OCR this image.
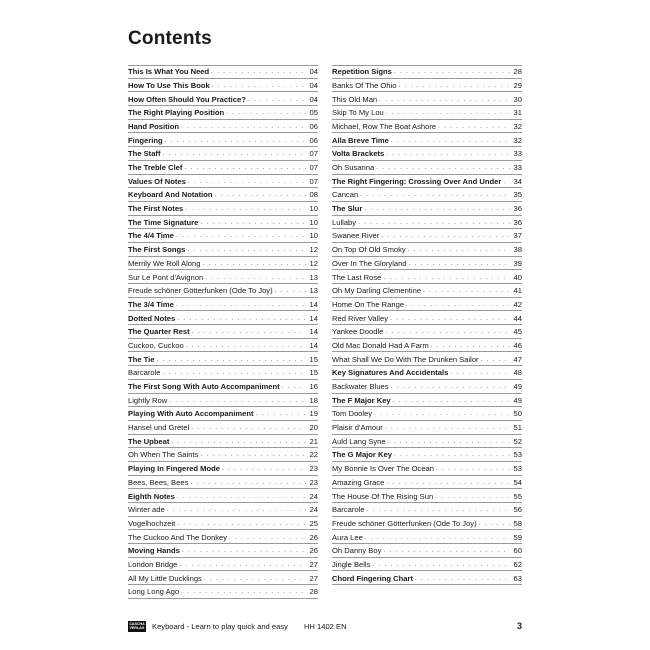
Contents
This Is What You Need . . .	04
How To Use This Book . . .	04
How Often Should You Practice? . . .	04
The Right Playing Position . . .	05
Hand Position . . .	06
Fingering . . .	06
The Staff . . .	07
The Treble Clef . . .	07
Values Of Notes . . .	07
Keyboard And Notation . . .	08
The First Notes . . .	10
The Time Signature . . .	10
The 4/4 Time . . .	10
The First Songs . . .	12
Merrily We Roll Along . . .	12
Sur Le Pont d'Avignon . . .	13
Freude schöner Götterfunken (Ode To Joy) . . .	13
The 3/4 Time . . .	14
Dotted Notes . . .	14
The Quarter Rest . . .	14
Cuckoo, Cuckoo . . .	14
The Tie . . .	15
Barcarole . . .	15
The First Song With Auto Accompaniment . . .	16
Lightly Row . . .	18
Playing With Auto Accompaniment . . .	19
Hansel und Gretel . . .	20
The Upbeat . . .	21
Oh When The Saints . . .	22
Playing In Fingered Mode . . .	23
Bees, Bees, Bees . . .	23
Eighth Notes . . .	24
Winter ade . . .	24
Vogelhochzeit . . .	25
The Cuckoo And The Donkey . . .	26
Moving Hands . . .	26
London Bridge . . .	27
All My Little Ducklings . . .	27
Long Long Ago . . .	28
Repetition Signs . . .	28
Banks Of The Ohio . . .	29
This Old Man . . .	30
Skip To My Lou . . .	31
Michael, Row The Boat Ashore . . .	32
Alla Breve Time . . .	32
Volta Brackets . . .	33
Oh Susanna . . .	33
The Right Fingering: Crossing Over And Under . . . 34
Cancan . . .	35
The Slur . . .	36
Lullaby . . .	36
Swanee River . . .	37
On Top Of Old Smoky . . .	38
Over In The Gloryland . . .	39
The Last Rose . . .	40
Oh My Darling Clementine . . .	41
Home On The Range . . .	42
Red River Valley . . .	44
Yankee Doodle . . .	45
Old Mac Donald Had A Farm . . .	46
What Shall We Do With The Drunken Sailor . . .	47
Key Signatures And Accidentals . . .	48
Backwater Blues . . .	49
The F Major Key . . .	49
Tom Dooley . . .	50
Plaisir d'Amour . . .	51
Auld Lang Syne . . .	52
The G Major Key . . .	53
My Bonnie Is Over The Ocean . . .	53
Amazing Grace . . .	54
The House Of The Rising Sun . . .	55
Barcarole . . .	56
Freude schöner Götterfunken (Ode To Joy) . . .	58
Aura Lee . . .	59
Oh Danny Boy . . .	60
Jingle Bells . . .	62
Chord Fingering Chart . . .	63
CASCHA
VERLAG Keyboard - Learn to play quick and easy HH 1402 EN	3
